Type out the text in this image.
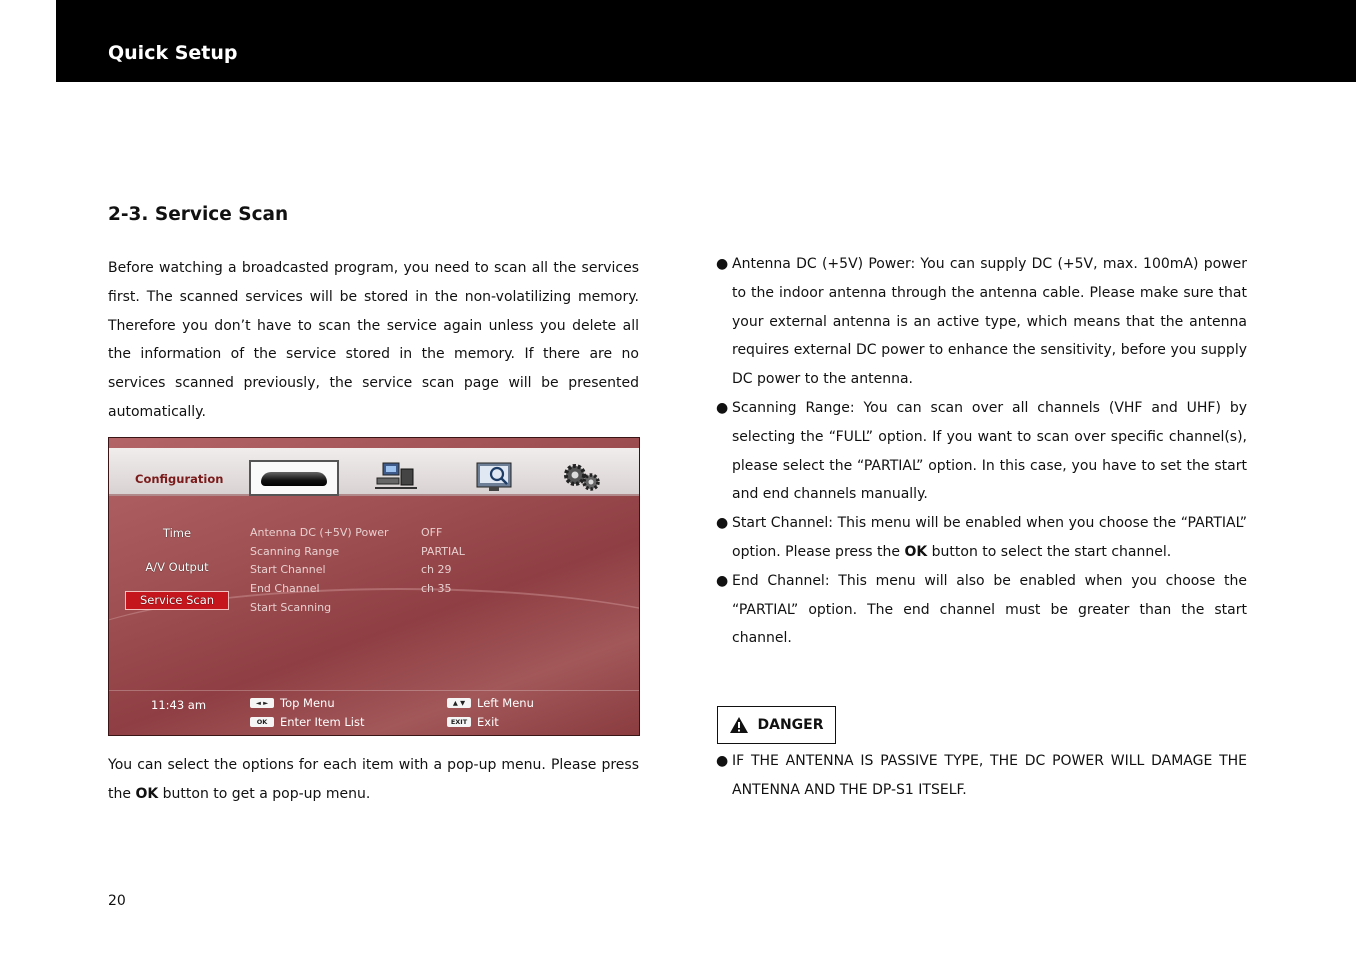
Quick Setup
2-3. Service Scan

Before watching a broadcasted program, you need to scan all the services first. The scanned services will be stored in the non-volatilizing memory. Therefore you don’t have to scan the service again unless you delete all the information of the service stored in the memory. If there are no services scanned previously, the service scan page will be presented automatically.

Configuration
Time
A/V Output
Service Scan
Antenna DC (+5V) Power	OFF
Scanning Range	PARTIAL
Start Channel	ch 29
End Channel	ch 35
Start Scanning
11:43 am	◄ ►	Top Menu	▲ ▼	Left Menu
OK	Enter Item List	EXIT Exit

You can select the options for each item with a pop-up menu. Please press the OK button to get a pop-up menu.

● Antenna DC (+5V) Power: You can supply DC (+5V, max. 100mA) power to the indoor antenna through the antenna cable. Please make sure that your external antenna is an active type, which means that the antenna requires external DC power to enhance the sensitivity, before you supply DC power to the antenna.
● Scanning Range: You can scan over all channels (VHF and UHF) by selecting the “FULL” option. If you want to scan over specific channel(s), please select the “PARTIAL” option. In this case, you have to set the start and end channels manually.
● Start Channel: This menu will be enabled when you choose the “PARTIAL” option. Please press the OK button to select the start channel.
● End Channel: This menu will also be enabled when you choose the “PARTIAL” option. The end channel must be greater than the start channel.
DANGER
● IF THE ANTENNA IS PASSIVE TYPE, THE DC POWER WILL DAMAGE THE ANTENNA AND THE DP-S1 ITSELF.
20
